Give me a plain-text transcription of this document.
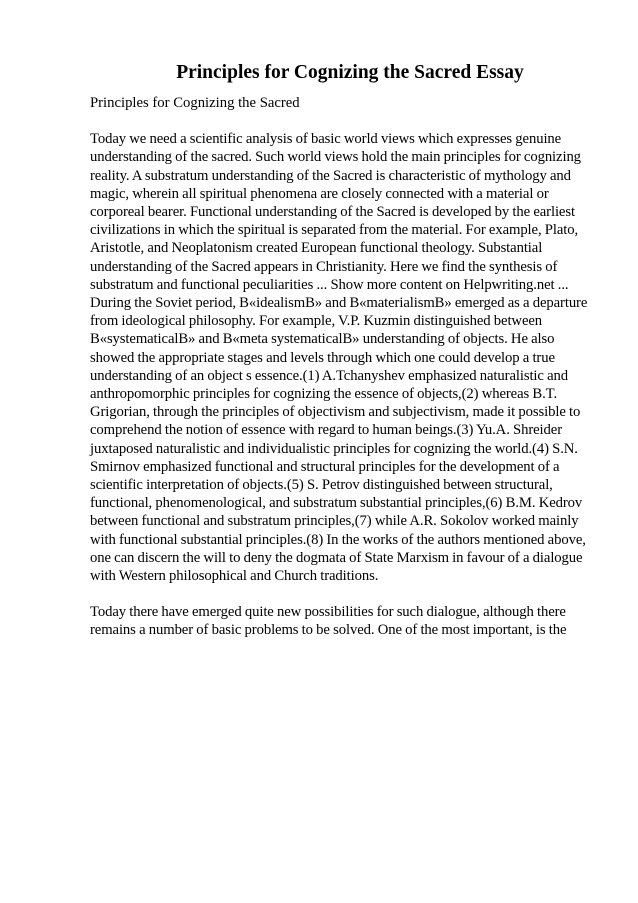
Principles for Cognizing the Sacred Essay

Principles for Cognizing the Sacred

Today we need a scientific analysis of basic world views which expresses genuine understanding of the sacred. Such world views hold the main principles for cognizing reality. A substratum understanding of the Sacred is characteristic of mythology and magic, wherein all spiritual phenomena are closely connected with a material or corporeal bearer. Functional understanding of the Sacred is developed by the earliest civilizations in which the spiritual is separated from the material. For example, Plato, Aristotle, and Neoplatonism created European functional theology. Substantial understanding of the Sacred appears in Christianity. Here we find the synthesis of substratum and functional peculiarities ... Show more content on Helpwriting.net ... During the Soviet period, В«idealismВ» and В«materialismВ» emerged as a departure from ideological philosophy. For example, V.P. Kuzmin distinguished between В«systematicalВ» and В«meta systematicalВ» understanding of objects. He also showed the appropriate stages and levels through which one could develop a true understanding of an object s essence.(1) A.Tchanyshev emphasized naturalistic and anthropomorphic principles for cognizing the essence of objects,(2) whereas B.T. Grigorian, through the principles of objectivism and subjectivism, made it possible to comprehend the notion of essence with regard to human beings.(3) Yu.A. Shreider juxtaposed naturalistic and individualistic principles for cognizing the world.(4) S.N. Smirnov emphasized functional and structural principles for the development of a scientific interpretation of objects.(5) S. Petrov distinguished between structural, functional, phenomenological, and substratum substantial principles,(6) B.M. Kedrov between functional and substratum principles,(7) while A.R. Sokolov worked mainly with functional substantial principles.(8) In the works of the authors mentioned above, one can discern the will to deny the dogmata of State Marxism in favour of a dialogue with Western philosophical and Church traditions.

Today there have emerged quite new possibilities for such dialogue, although there remains a number of basic problems to be solved. One of the most important, is the
